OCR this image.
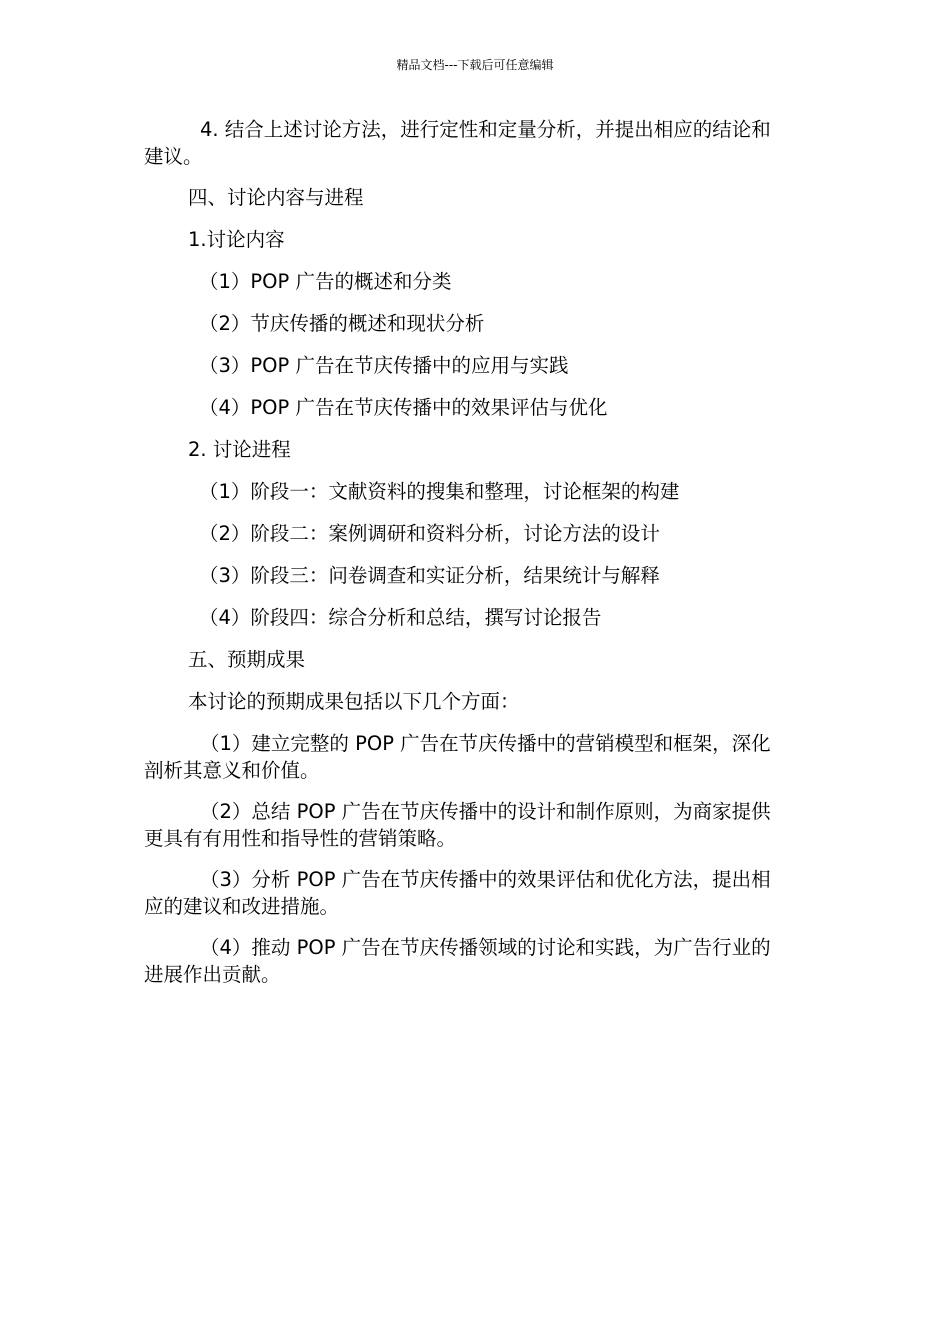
精品文档---下载后可任意编辑
4. 结合上述讨论方法，进行定性和定量分析，并提出相应的结论和
建议。

四、讨论内容与进程

1.讨论内容

（1）POP 广告的概述和分类

（2）节庆传播的概述和现状分析

（3）POP 广告在节庆传播中的应用与实践

（4）POP 广告在节庆传播中的效果评估与优化

2. 讨论进程

（1）阶段一：文献资料的搜集和整理，讨论框架的构建

（2）阶段二：案例调研和资料分析，讨论方法的设计

（3）阶段三：问卷调查和实证分析，结果统计与解释

（4）阶段四：综合分析和总结，撰写讨论报告

五、预期成果

本讨论的预期成果包括以下几个方面：

（1）建立完整的 POP 广告在节庆传播中的营销模型和框架，深化
剖析其意义和价值。
（2）总结 POP 广告在节庆传播中的设计和制作原则，为商家提供
更具有有用性和指导性的营销策略。
（3）分析 POP 广告在节庆传播中的效果评估和优化方法，提出相
应的建议和改进措施。
（4）推动 POP 广告在节庆传播领域的讨论和实践，为广告行业的
进展作出贡献。
